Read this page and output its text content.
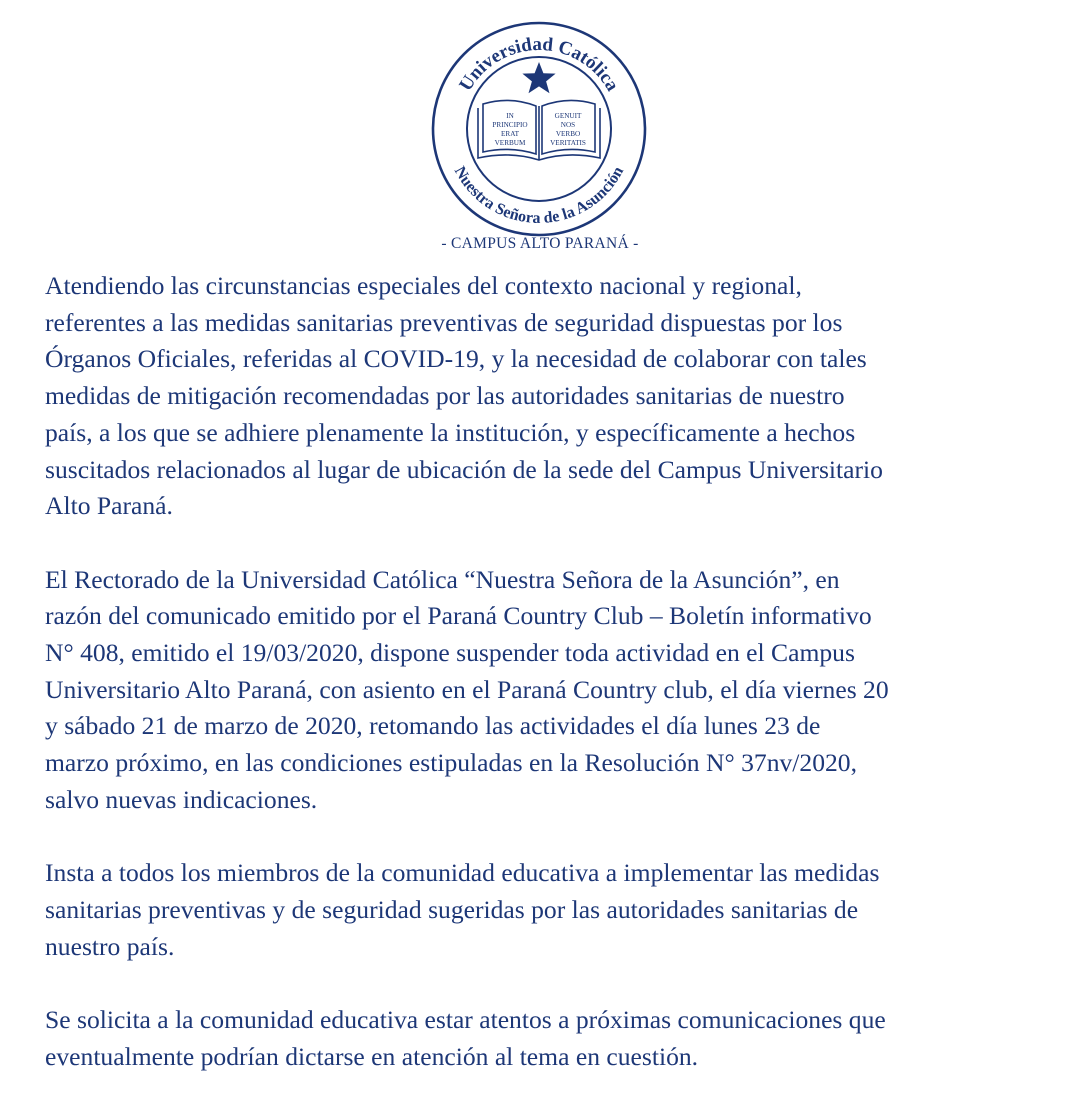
IN
PRINCIPIO
ERAT
VERBUM
GENUIT
NOS
VERBO
VERITATIS
Universidad Católica
Nuestra Señora de la Asunción
- CAMPUS ALTO PARANÁ -

Atendiendo las circunstancias especiales del contexto nacional y regional,
referentes a las medidas sanitarias preventivas de seguridad dispuestas por los
Órganos Oficiales, referidas al COVID-19, y la necesidad de colaborar con tales
medidas de mitigación recomendadas por las autoridades sanitarias de nuestro
país, a los que se adhiere plenamente la institución, y específicamente a hechos
suscitados relacionados al lugar de ubicación de la sede del Campus Universitario
Alto Paraná.

El Rectorado de la Universidad Católica “Nuestra Señora de la Asunción”, en
razón del comunicado emitido por el Paraná Country Club – Boletín informativo
N° 408, emitido el 19/03/2020, dispone suspender toda actividad en el Campus
Universitario Alto Paraná, con asiento en el Paraná Country club, el día viernes 20
y sábado 21 de marzo de 2020, retomando las actividades el día lunes 23 de
marzo próximo, en las condiciones estipuladas en la Resolución N° 37nv/2020,
salvo nuevas indicaciones.

Insta a todos los miembros de la comunidad educativa a implementar las medidas
sanitarias preventivas y de seguridad sugeridas por las autoridades sanitarias de
nuestro país.

Se solicita a la comunidad educativa estar atentos a próximas comunicaciones que
eventualmente podrían dictarse en atención al tema en cuestión.
